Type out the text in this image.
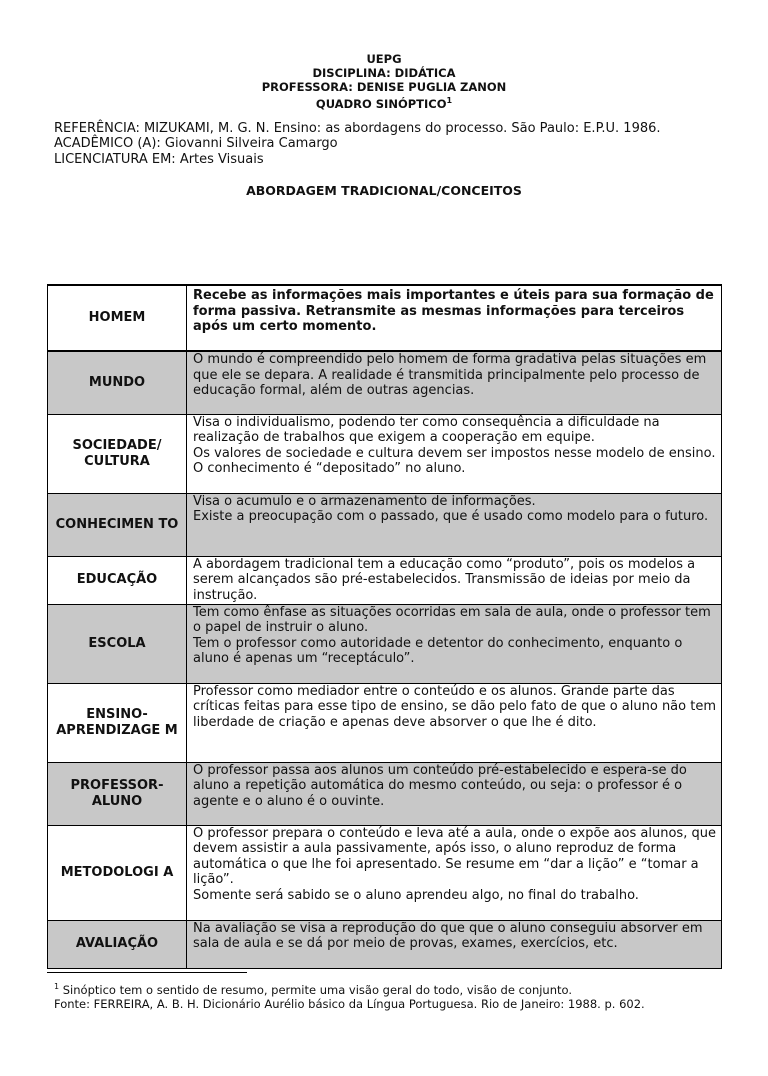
UEPG
DISCIPLINA: DIDÁTICA
PROFESSORA: DENISE PUGLIA ZANON
QUADRO SINÓPTICO$^1$
REFERÊNCIA: MIZUKAMI, M. G. N. Ensino: as abordagens do processo. São Paulo: E.P.U. 1986.
ACADÊMICO (A): Giovanni Silveira Camargo
LICENCIATURA EM: Artes Visuais
ABORDAGEM TRADICIONAL/CONCEITOS
HOMEM	Recebe as informações mais importantes e úteis para sua formação de forma passiva. Retransmite as mesmas informações para terceiros após um certo momento.
MUNDO	O mundo é compreendido pelo homem de forma gradativa pelas situações em que ele se depara. A realidade é transmitida principalmente pelo processo de educação formal, além de outras agencias.
SOCIEDADE/ CULTURA	Visa o individualismo, podendo ter como consequência a dificuldade na realização de trabalhos que exigem a cooperação em equipe.
Os valores de sociedade e cultura devem ser impostos nesse modelo de ensino.
O conhecimento é “depositado” no aluno.
CONHECIMEN TO	Visa o acumulo e o armazenamento de informações.
Existe a preocupação com o passado, que é usado como modelo para o futuro.
EDUCAÇÃO	A abordagem tradicional tem a educação como “produto”, pois os modelos a serem alcançados são pré-estabelecidos. Transmissão de ideias por meio da instrução.
ESCOLA	Tem como ênfase as situações ocorridas em sala de aula, onde o professor tem o papel de instruir o aluno.
Tem o professor como autoridade e detentor do conhecimento, enquanto o aluno é apenas um “receptáculo”.
ENSINO- APRENDIZAGE M	Professor como mediador entre o conteúdo e os alunos. Grande parte das críticas feitas para esse tipo de ensino, se dão pelo fato de que o aluno não tem liberdade de criação e apenas deve absorver o que lhe é dito.
PROFESSOR- ALUNO	O professor passa aos alunos um conteúdo pré-estabelecido e espera-se do aluno a repetição automática do mesmo conteúdo, ou seja: o professor é o agente e o aluno é o ouvinte.
METODOLOGI A	O professor prepara o conteúdo e leva até a aula, onde o expõe aos alunos, que devem assistir a aula passivamente, após isso, o aluno reproduz de forma automática o que lhe foi apresentado. Se resume em “dar a lição” e “tomar a lição”.
Somente será sabido se o aluno aprendeu algo, no final do trabalho.
AVALIAÇÃO	Na avaliação se visa a reprodução do que que o aluno conseguiu absorver em sala de aula e se dá por meio de provas, exames, exercícios, etc.
$^1$ Sinóptico tem o sentido de resumo, permite uma visão geral do todo, visão de conjunto.
Fonte: FERREIRA, A. B. H. Dicionário Aurélio básico da Língua Portuguesa. Rio de Janeiro: 1988. p. 602.
